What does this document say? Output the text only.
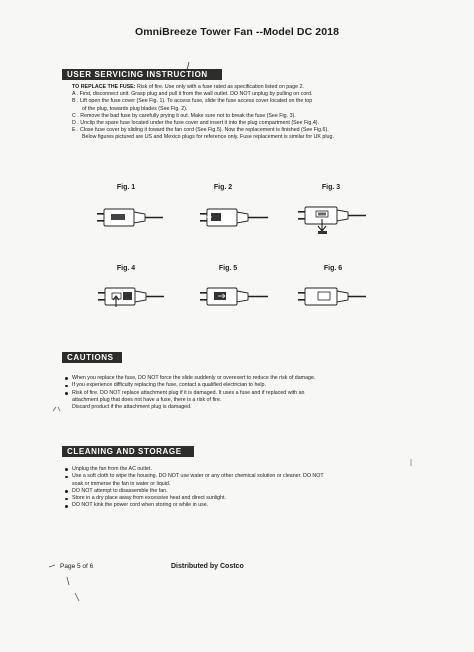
OmniBreeze Tower Fan --Model DC 2018
USER SERVICING INSTRUCTION

TO REPLACE THE FUSE: Risk of fire. Use only with a fuse rated as specification listed on page 2.

A . First, disconnect unit. Grasp plug and pull it from the wall outlet. DO NOT unplug by pulling on cord.

B . Lift open the fuse cover (See Fig. 1). To access fuse, slide the fuse access cover located on the top

of the plug, towards plug blades (See Fig. 2).

C . Remove the bad fuse by carefully prying it out. Make sure not to break the fuse (See Fig. 3).

D . Unclip the spare fuse located under the fuse cover and insert it into the plug compartment (See Fig.4).

E . Close fuse cover by sliding it toward the fan cord (See Fig.5). Now the replacement is finished (See Fig.6).

Below figures pictured are US and Mexico plugs for reference only. Fuse replacement is similar for UK plug.

Fig. 1	Fig. 2	Fig. 3
Fig. 4	Fig. 5	Fig. 6
CAUTIONS
When you replace the fuse, DO NOT force the slide suddenly or overexert to reduce the risk of damage.
If you experience difficulty replacing the fuse, contact a qualified electrician to help.
Risk of fire. DO NOT replace attachment plug if it is damaged. It uses a fuse and if replaced with an
attachment plug that does not have a fuse, there is a risk of fire.
Discard product if the attachment plug is damaged.
CLEANING AND STORAGE
Unplug the fan from the AC outlet.
Use a soft cloth to wipe the housing. DO NOT use water or any other chemical solution or cleaner. DO NOT
soak or immerse the fan in water or liquid.
DO NOT attempt to disassemble the fan.
Store in a dry place away from excessive heat and direct sunlight.
DO NOT kink the power cord when storing or while in use.
Page 5 of 6	Distributed by Costco
